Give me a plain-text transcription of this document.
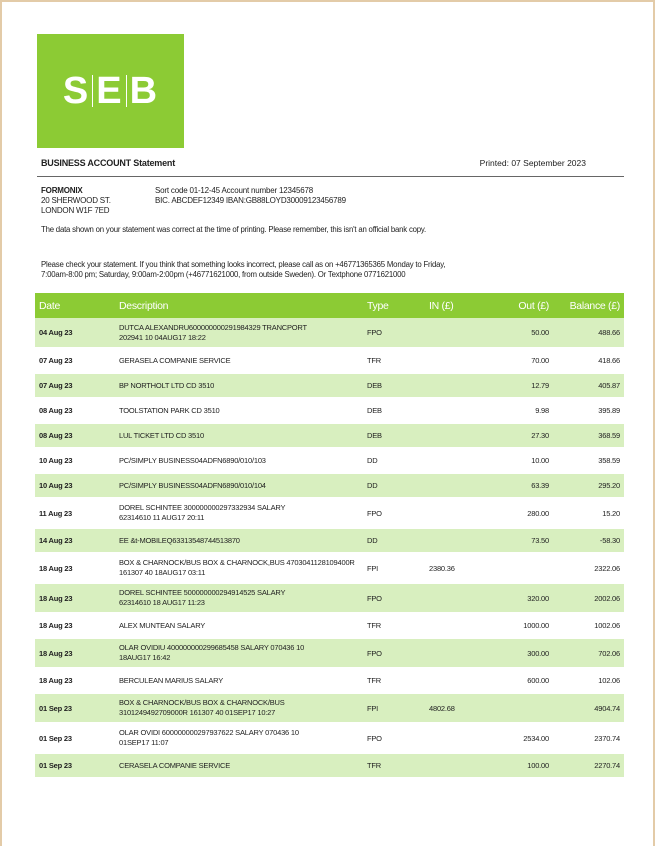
S E B
BUSINESS ACCOUNT Statement	Printed: 07 September 2023
FORMONIX
20 SHERWOOD ST.
LONDON W1F 7ED
Sort code 01-12-45 Account number 12345678
BIC. ABCDEF12349 IBAN:GB88LOYD30009123456789
The data shown on your statement was correct at the time of printing. Please remember, this isn't an official bank copy.
Please check your statement. If you think that something looks incorrect, please call as on +46771365365 Monday to Friday, 7:00am-8:00 pm; Saturday, 9:00am-2:00pm (+46771621000, from outside Sweden). Or Textphone 0771621000
Date	Description	Type	IN (£)	Out (£)	Balance (£)
04 Aug 23	DUTCA ALEXANDRU600000000291984329 TRANCPORT
202941 10 04AUG17 18:22	FPO		50.00	488.66
07 Aug 23	GERASELA COMPANIE SERVICE	TFR		70.00	418.66
07 Aug 23	BP NORTHOLT LTD CD 3510	DEB		12.79	405.87
08 Aug 23	TOOLSTATION PARK CD 3510	DEB		9.98	395.89
08 Aug 23	LUL TICKET LTD CD 3510	DEB		27.30	368.59
10 Aug 23	PC/SIMPLY BUSINESS04ADFN6890/010/103	DD		10.00	358.59
10 Aug 23	PC/SIMPLY BUSINESS04ADFN6890/010/104	DD		63.39	295.20
11 Aug 23	DOREL SCHINTEE 300000000297332934 SALARY
62314610 11 AUG17 20:11	FPO		280.00	15.20
14 Aug 23	EE &t-MOBILEQ63313548744513870	DD		73.50	-58.30
18 Aug 23	BOX & CHARNOCK/BUS BOX & CHARNOCK,BUS 4703041128109400R
161307 40 18AUG17 03:11	FPI	2380.36		2322.06
18 Aug 23	DOREL SCHINTEE 500000000294914525 SALARY
62314610 18 AUG17 11:23	FPO		320.00	2002.06
18 Aug 23	ALEX MUNTEAN SALARY	TFR		1000.00	1002.06
18 Aug 23	OLAR OVIDIU 400000000299685458 SALARY 070436 10
18AUG17 16:42	FPO		300.00	702.06
18 Aug 23	BERCULEAN MARIUS SALARY	TFR		600.00	102.06
01 Sep 23	BOX & CHARNOCK/BUS BOX & CHARNOCK/BUS
3101249492709000R 161307 40 01SEP17 10:27	FPI	4802.68		4904.74
01 Sep 23	OLAR OVIDI 600000000297937622 SALARY 070436 10
01SEP17 11:07	FPO		2534.00	2370.74
01 Sep 23	CERASELA COMPANIE SERVICE	TFR		100.00	2270.74
